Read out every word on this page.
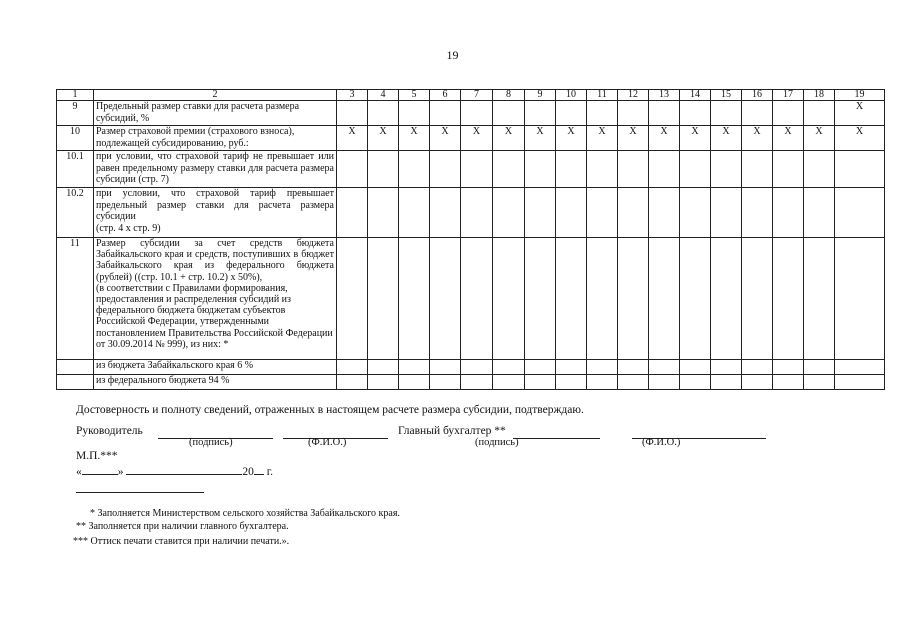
19
1	2	3	4	5	6	7	8	9	10	11	12	13	14	15	16	17	18	19
9	Предельный размер ставки для расчета размера субсидий, %																	X
10	Размер страховой премии (страхового взноса), подлежащей субсидированию, руб.:	X	X	X	X	X	X	X	X	X	X	X	X	X	X	X	X	X
10.1	при условии, что страховой тариф не превышает или равен предельному размеру ставки для расчета размера субсидии (стр. 7)																	
10.2	при условии, что страховой тариф превышает предельный размер ставки для расчета размера субсидии
(стр. 4 х стр. 9)																	
11	Размер субсидии за счет средств бюджета Забайкальского края и средств, поступивших в бюджет Забайкальского края из федерального бюджета (рублей) ((стр. 10.1 + стр. 10.2) х 50%),
(в соответствии с Правилами формирования, предоставления и распределения субсидий из федерального бюджета бюджетам субъектов Российской Федерации, утвержденными постановлением Правительства Российской Федерации от 30.09.2014 № 999), из них: *																	

	из бюджета Забайкальского края 6 %																	
	из федерального бюджета 94 %																	
Достоверность и полноту сведений, отраженных в настоящем расчете размера субсидии, подтверждаю.
Руководитель
(подпись)	(Ф.И.О.)
Главный бухгалтер **
(подпись)	(Ф.И.О.)
М.П.***
«	»	20 г.
* Заполняется Министерством сельского хозяйства Забайкальского края.
** Заполняется при наличии главного бухгалтера.
*** Оттиск печати ставится при наличии печати.».
